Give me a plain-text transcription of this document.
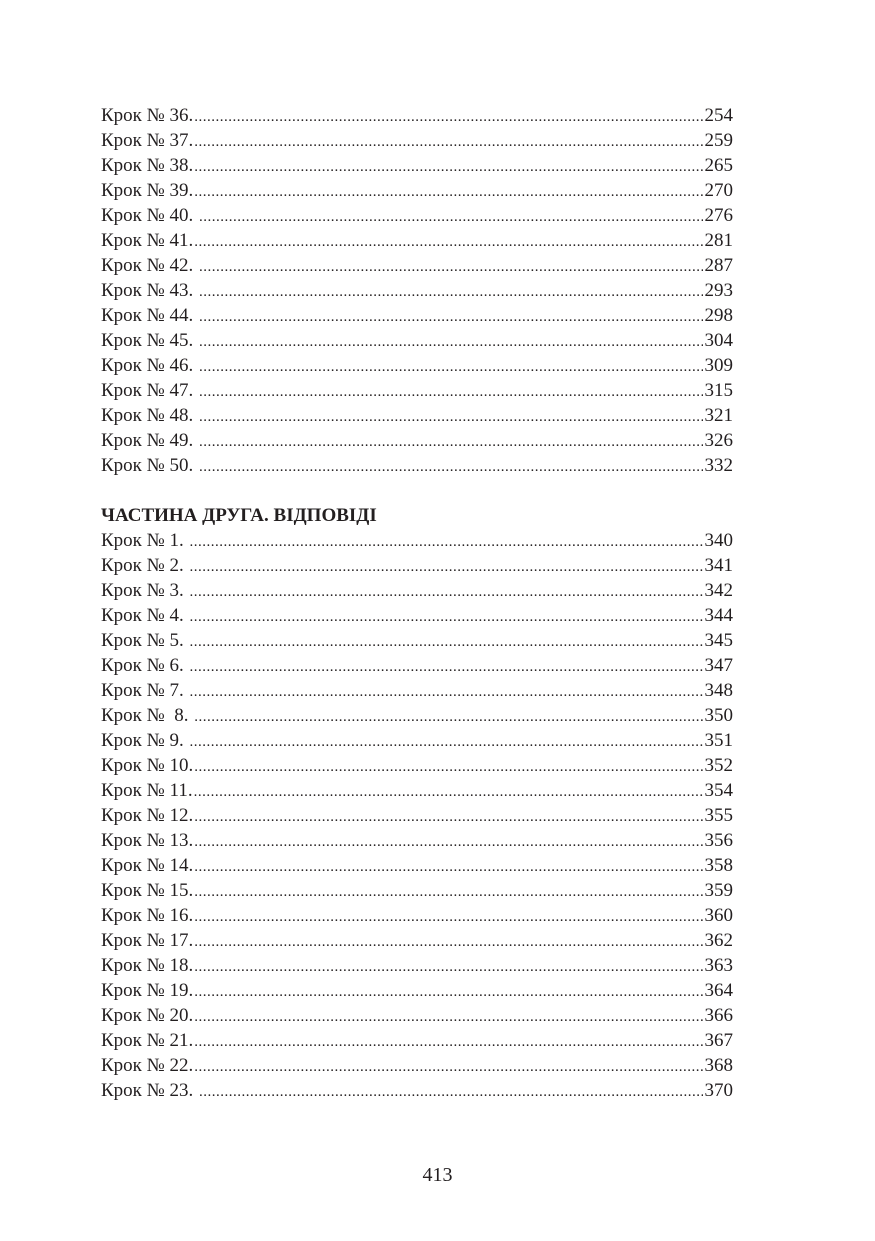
Крок № 36. .....	254
Крок № 37. .....	259
Крок № 38. .....	265
Крок № 39. .....	270
Крок № 40. .....	276
Крок № 41. .....	281
Крок № 42. .....	287
Крок № 43. .....	293
Крок № 44. .....	298
Крок № 45. .....	304
Крок № 46. .....	309
Крок № 47. .....	315
Крок № 48. .....	321
Крок № 49. .....	326
Крок № 50. .....	332
ЧАСТИНА ДРУГА. ВІДПОВІДІ
Крок № 1. .....	340
Крок № 2. .....	341
Крок № 3. .....	342
Крок № 4. .....	344
Крок № 5. .....	345
Крок № 6. .....	347
Крок № 7. .....	348
Крок №  8. .....	350
Крок № 9. .....	351
Крок № 10. .....	352
Крок № 11. .....	354
Крок № 12. .....	355
Крок № 13. .....	356
Крок № 14. .....	358
Крок № 15. .....	359
Крок № 16. .....	360
Крок № 17. .....	362
Крок № 18. .....	363
Крок № 19. .....	364
Крок № 20. .....	366
Крок № 21. .....	367
Крок № 22. .....	368
Крок № 23. .....	370
413
